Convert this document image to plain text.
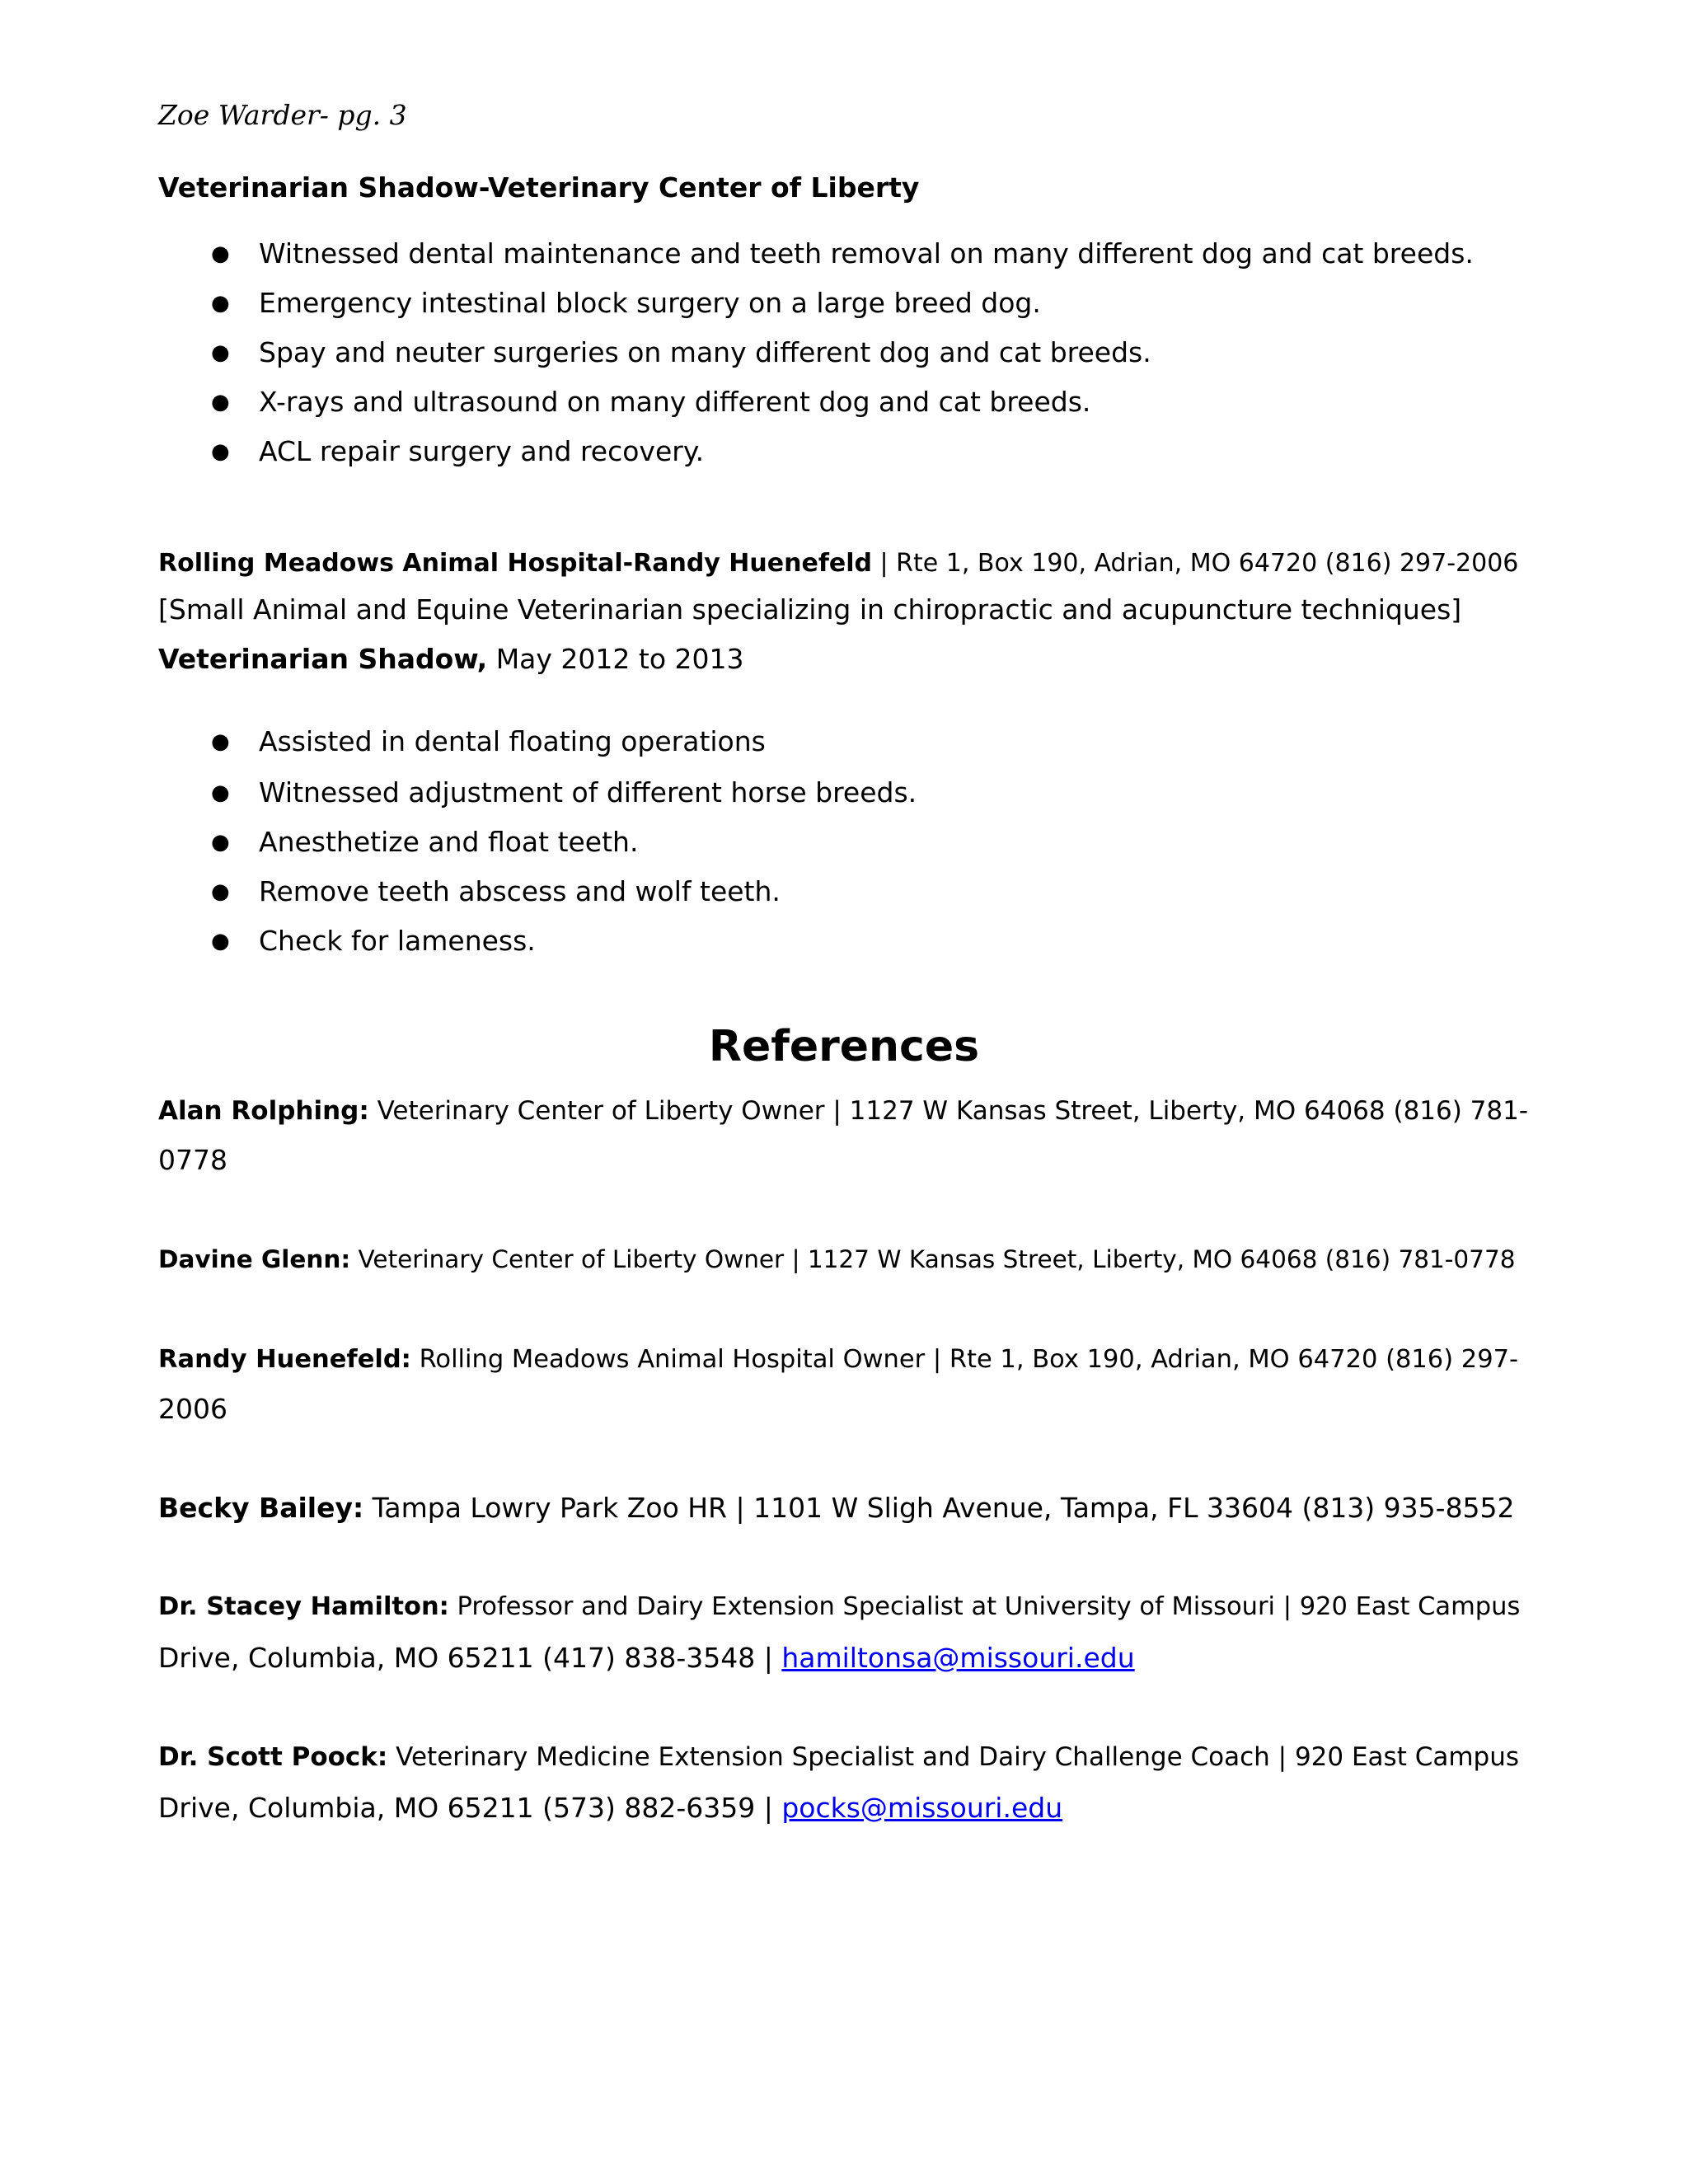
Zoe Warder- pg. 3
Veterinarian Shadow-Veterinary Center of Liberty
● Witnessed dental maintenance and teeth removal on many different dog and cat breeds.
● Emergency intestinal block surgery on a large breed dog.
● Spay and neuter surgeries on many different dog and cat breeds.
● X-rays and ultrasound on many different dog and cat breeds.
● ACL repair surgery and recovery.
Rolling Meadows Animal Hospital-Randy Huenefeld | Rte 1, Box 190, Adrian, MO 64720 (816) 297-2006
[Small Animal and Equine Veterinarian specializing in chiropractic and acupuncture techniques]
Veterinarian Shadow, May 2012 to 2013
● Assisted in dental floating operations
● Witnessed adjustment of different horse breeds.
● Anesthetize and float teeth.
● Remove teeth abscess and wolf teeth.
● Check for lameness.
References
Alan Rolphing: Veterinary Center of Liberty Owner | 1127 W Kansas Street, Liberty, MO 64068 (816) 781-
0778
Davine Glenn: Veterinary Center of Liberty Owner | 1127 W Kansas Street, Liberty, MO 64068 (816) 781-0778
Randy Huenefeld: Rolling Meadows Animal Hospital Owner | Rte 1, Box 190, Adrian, MO 64720 (816) 297-
2006
Becky Bailey: Tampa Lowry Park Zoo HR | 1101 W Sligh Avenue, Tampa, FL 33604 (813) 935-8552
Dr. Stacey Hamilton: Professor and Dairy Extension Specialist at University of Missouri | 920 East Campus
Drive, Columbia, MO 65211 (417) 838-3548 | hamiltonsa@missouri.edu
Dr. Scott Poock: Veterinary Medicine Extension Specialist and Dairy Challenge Coach | 920 East Campus
Drive, Columbia, MO 65211 (573) 882-6359 | pocks@missouri.edu
